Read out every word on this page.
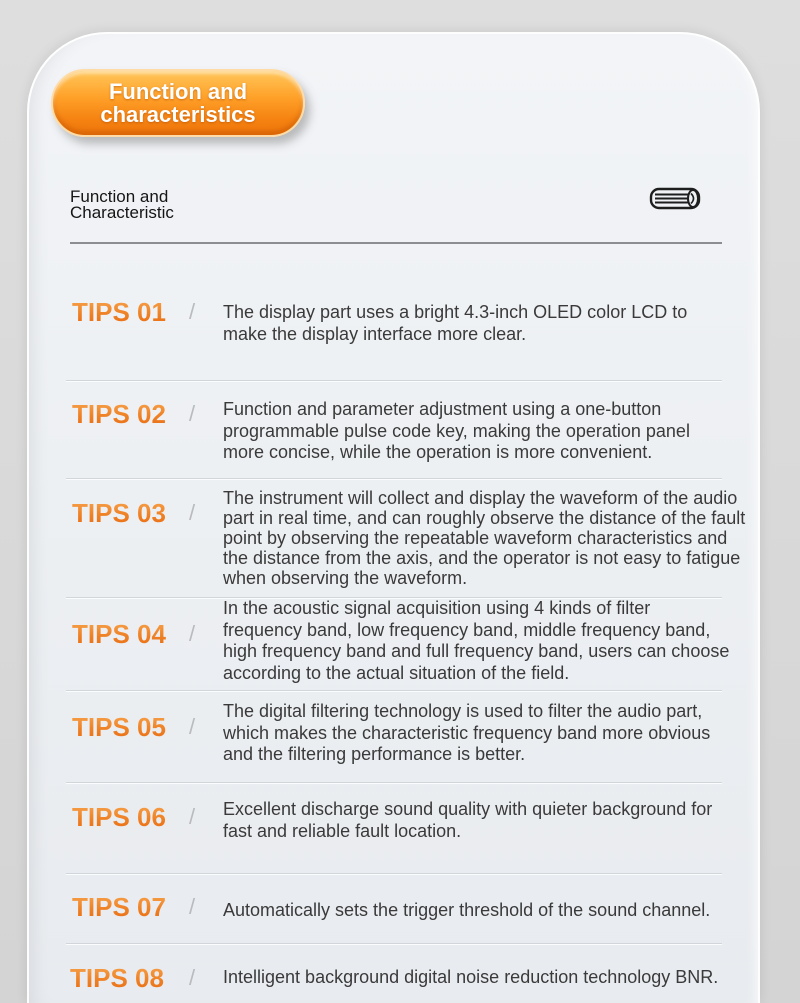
Function and
characteristics
Function and
Characteristic
TIPS 01 / The display part uses a bright 4.3-inch OLED color LCD to
make the display interface more clear.
TIPS 02 / Function and parameter adjustment using a one-button
programmable pulse code key, making the operation panel
more concise, while the operation is more convenient.
TIPS 03 /
The instrument will collect and display the waveform of the audio
part in real time, and can roughly observe the distance of the fault
point by observing the repeatable waveform characteristics and
the distance from the axis, and the operator is not easy to fatigue
when observing the waveform.
TIPS 04 /
In the acoustic signal acquisition using 4 kinds of filter
frequency band, low frequency band, middle frequency band,
high frequency band and full frequency band, users can choose
according to the actual situation of the field.
TIPS 05 /
The digital filtering technology is used to filter the audio part,
which makes the characteristic frequency band more obvious
and the filtering performance is better.
TIPS 06 / Excellent discharge sound quality with quieter background for
fast and reliable fault location.
TIPS 07 / Automatically sets the trigger threshold of the sound channel.
TIPS 08 / Intelligent background digital noise reduction technology BNR.
